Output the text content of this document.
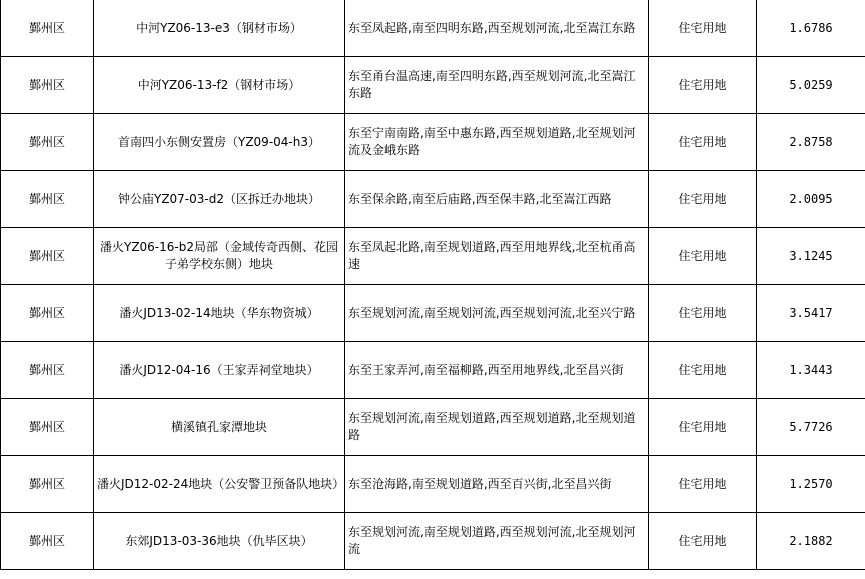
鄞州区	中河YZ06-13-e3（钢材市场）	东至凤起路,南至四明东路,西至规划河流,北至嵩江东路	住宅用地	1.6786
鄞州区	中河YZ06-13-f2（钢材市场）	东至甬台温高速,南至四明东路,西至规划河流,北至嵩江东路	住宅用地	5.0259
鄞州区	首南四小东侧安置房（YZ09-04-h3）	东至宁南南路,南至中惠东路,西至规划道路,北至规划河流及金峨东路	住宅用地	2.8758
鄞州区	钟公庙YZ07-03-d2（区拆迁办地块）	东至保余路,南至后庙路,西至保丰路,北至嵩江西路	住宅用地	2.0095
鄞州区	潘火YZ06-16-b2局部（金域传奇西侧、花园子弟学校东侧）地块	东至凤起北路,南至规划道路,西至用地界线,北至杭甬高速	住宅用地	3.1245
鄞州区	潘火JD13-02-14地块（华东物资城）	东至规划河流,南至规划河流,西至规划河流,北至兴宁路	住宅用地	3.5417
鄞州区	潘火JD12-04-16（王家弄祠堂地块）	东至王家弄河,南至福柳路,西至用地界线,北至昌兴街	住宅用地	1.3443
鄞州区	横溪镇孔家潭地块	东至规划河流,南至规划道路,西至规划道路,北至规划道路	住宅用地	5.7726
鄞州区	潘火JD12-02-24地块（公安警卫预备队地块）	东至沧海路,南至规划道路,西至百兴街,北至昌兴街	住宅用地	1.2570
鄞州区	东郊JD13-03-36地块（仇毕区块）	东至规划河流,南至规划道路,西至规划河流,北至规划河流	住宅用地	2.1882
